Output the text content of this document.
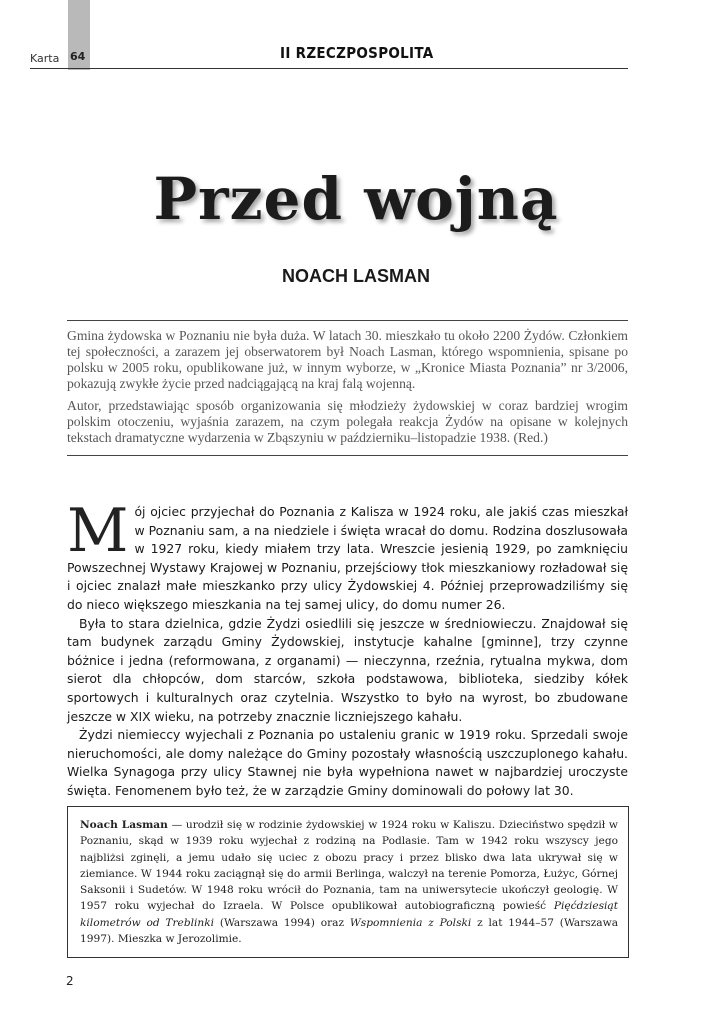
Karta 64	II RZECZPOSPOLITA
Przed wojną
NOACH LASMAN

Gmina żydowska w Poznaniu nie była duża. W latach 30. mieszkało tu około 2200 Żydów. Członkiem tej społeczności, a zarazem jej obserwatorem był Noach Lasman, którego wspomnienia, spisane po polsku w 2005 roku, opublikowane już, w innym wyborze, w „Kronice Miasta Poznania” nr 3/2006, pokazują zwykłe życie przed nadciągającą na kraj falą wojenną.

Autor, przedstawiając sposób organizowania się młodzieży żydowskiej w coraz bardziej wrogim polskim otoczeniu, wyjaśnia zarazem, na czym polegała reakcja Żydów na opisane w kolejnych tekstach dramatyczne wydarzenia w Zbąszyniu w październiku–listopadzie 1938. (Red.)

Mój ojciec przyjechał do Poznania z Kalisza w 1924 roku, ale jakiś czas mieszkał w Poznaniu sam, a na niedziele i święta wracał do domu. Rodzina doszlusowała w 1927 roku, kiedy miałem trzy lata. Wreszcie jesienią 1929, po zamknięciu Powszechnej Wystawy Krajowej w Poznaniu, przejściowy tłok mieszkaniowy rozładował się i ojciec znalazł małe mieszkanko przy ulicy Żydowskiej 4. Później przeprowadziliśmy się do nieco większego mieszkania na tej samej ulicy, do domu numer 26.

Była to stara dzielnica, gdzie Żydzi osiedlili się jeszcze w średniowieczu. Znajdował się tam budynek zarządu Gminy Żydowskiej, instytucje kahalne [gminne], trzy czynne bóżnice i jedna (reformowana, z organami) — nieczynna, rzeźnia, rytualna mykwa, dom sierot dla chłopców, dom starców, szkoła podstawowa, biblioteka, siedziby kółek sportowych i kulturalnych oraz czytelnia. Wszystko to było na wyrost, bo zbudowane jeszcze w XIX wieku, na potrzeby znacznie liczniejszego kahału.

Żydzi niemieccy wyjechali z Poznania po ustaleniu granic w 1919 roku. Sprzedali swoje nieruchomości, ale domy należące do Gminy pozostały własnością uszczuplonego kahału. Wielka Synagoga przy ulicy Stawnej nie była wypełniona nawet w najbardziej uroczyste święta. Fenomenem było też, że w zarządzie Gminy dominowali do połowy lat 30.

Noach Lasman — urodził się w rodzinie żydowskiej w 1924 roku w Kaliszu. Dzieciństwo spędził w Poznaniu, skąd w 1939 roku wyjechał z rodziną na Podlasie. Tam w 1942 roku wszyscy jego najbliżsi zginęli, a jemu udało się uciec z obozu pracy i przez blisko dwa lata ukrywał się w ziemiance. W 1944 roku zaciągnął się do armii Berlinga, walczył na terenie Pomorza, Łużyc, Górnej Saksonii i Sudetów. W 1948 roku wrócił do Poznania, tam na uniwersytecie ukończył geologię. W 1957 roku wyjechał do Izraela. W Polsce opublikował autobiograficzną powieść Pięćdziesiąt kilometrów od Treblinki (Warszawa 1994) oraz Wspomnienia z Polski z lat 1944–57 (Warszawa 1997). Mieszka w Jerozolimie.
2
